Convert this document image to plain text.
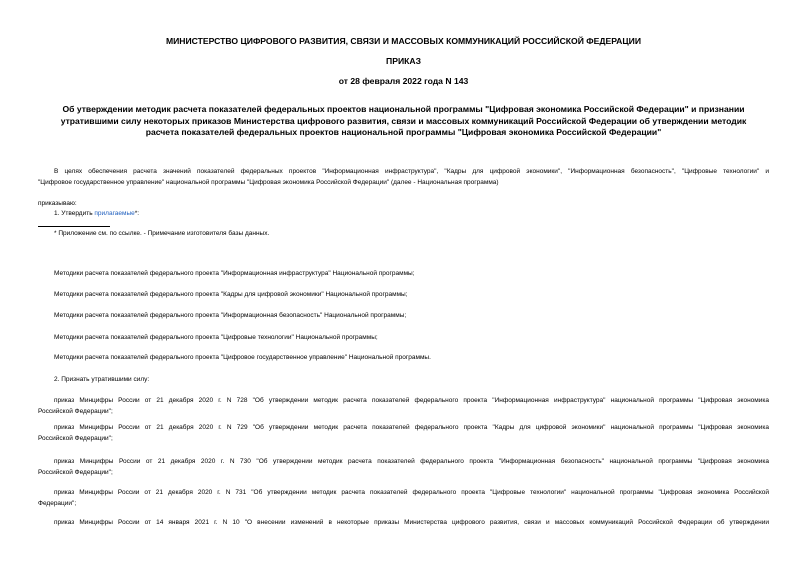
МИНИСТЕРСТВО ЦИФРОВОГО РАЗВИТИЯ, СВЯЗИ И МАССОВЫХ КОММУНИКАЦИЙ РОССИЙСКОЙ ФЕДЕРАЦИИ
ПРИКАЗ
от 28 февраля 2022 года N 143
Об утверждении методик расчета показателей федеральных проектов национальной программы "Цифровая экономика Российской Федерации" и признании
утратившими силу некоторых приказов Министерства цифрового развития, связи и массовых коммуникаций Российской Федерации об утверждении методик
расчета показателей федеральных проектов национальной программы "Цифровая экономика Российской Федерации"
В целях обеспечения расчета значений показателей федеральных проектов "Информационная инфраструктура", "Кадры для цифровой экономики", "Информационная безопасность", "Цифровые технологии" и
"Цифровое государственное управление" национальной программы "Цифровая экономика Российской Федерации" (далее - Национальная программа)
приказываю:
1. Утвердить прилагаемые*:
* Приложение см. по ссылке. - Примечание изготовителя базы данных.
Методики расчета показателей федерального проекта "Информационная инфраструктура" Национальной программы;
Методики расчета показателей федерального проекта "Кадры для цифровой экономики" Национальной программы;
Методики расчета показателей федерального проекта "Информационная безопасность" Национальной программы;
Методики расчета показателей федерального проекта "Цифровые технологии" Национальной программы;
Методики расчета показателей федерального проекта "Цифровое государственное управление" Национальной программы.
2. Признать утратившими силу:
приказ Минцифры России от 21 декабря 2020 г. N 728 "Об утверждении методик расчета показателей федерального проекта "Информационная инфраструктура" национальной программы "Цифровая экономика
Российской Федерации";
приказ Минцифры России от 21 декабря 2020 г. N 729 "Об утверждении методик расчета показателей федерального проекта "Кадры для цифровой экономики" национальной программы "Цифровая экономика
Российской Федерации";
приказ Минцифры России от 21 декабря 2020 г. N 730 "Об утверждении методик расчета показателей федерального проекта "Информационная безопасность" национальной программы "Цифровая экономика
Российской Федерации";
приказ Минцифры России от 21 декабря 2020 г. N 731 "Об утверждении методик расчета показателей федерального проекта "Цифровые технологии" национальной программы "Цифровая экономика Российской
Федерации";
приказ Минцифры России от 14 января 2021 г. N 10 "О внесении изменений в некоторые приказы Министерства цифрового развития, связи и массовых коммуникаций Российской Федерации об утверждении
